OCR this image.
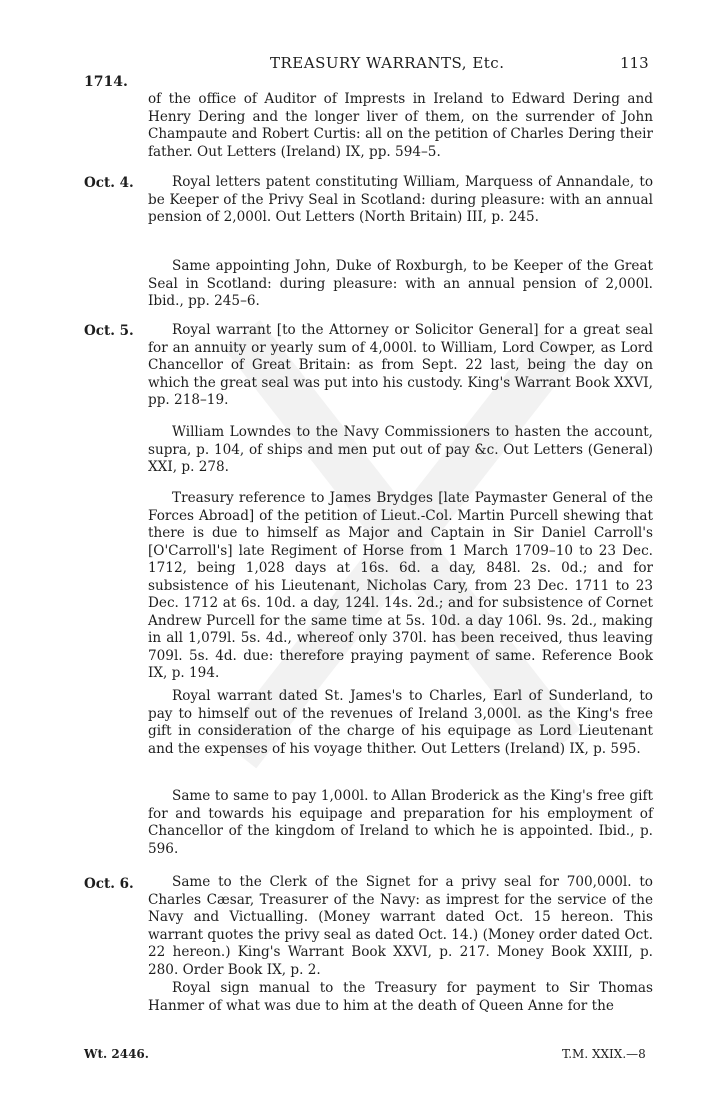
1714.
TREASURY WARRANTS, Etc.	113
of the office of Auditor of Imprests in Ireland to Edward Dering and Henry Dering and the longer liver of them, on the surrender of John Champaute and Robert Curtis: all on the petition of Charles Dering their father. Out Letters (Ireland) IX, pp. 594–5.
Oct. 4.	Royal letters patent constituting William, Marquess of Annandale, to be Keeper of the Privy Seal in Scotland: during pleasure: with an annual pension of 2,000l. Out Letters (North Britain) III, p. 245.
Same appointing John, Duke of Roxburgh, to be Keeper of the Great Seal in Scotland: during pleasure: with an annual pension of 2,000l. Ibid., pp. 245–6.
Oct. 5.	Royal warrant [to the Attorney or Solicitor General] for a great seal for an annuity or yearly sum of 4,000l. to William, Lord Cowper, as Lord Chancellor of Great Britain: as from Sept. 22 last, being the day on which the great seal was put into his custody. King's Warrant Book XXVI, pp. 218–19.
William Lowndes to the Navy Commissioners to hasten the account, supra, p. 104, of ships and men put out of pay &c. Out Letters (General) XXI, p. 278.
Treasury reference to James Brydges [late Paymaster General of the Forces Abroad] of the petition of Lieut.-Col. Martin Purcell shewing that there is due to himself as Major and Captain in Sir Daniel Carroll's [O'Carroll's] late Regiment of Horse from 1 March 1709–10 to 23 Dec. 1712, being 1,028 days at 16s. 6d. a day, 848l. 2s. 0d.; and for subsistence of his Lieutenant, Nicholas Cary, from 23 Dec. 1711 to 23 Dec. 1712 at 6s. 10d. a day, 124l. 14s. 2d.; and for subsistence of Cornet Andrew Purcell for the same time at 5s. 10d. a day 106l. 9s. 2d., making in all 1,079l. 5s. 4d., whereof only 370l. has been received, thus leaving 709l. 5s. 4d. due: therefore praying payment of same. Reference Book IX, p. 194.
Royal warrant dated St. James's to Charles, Earl of Sunderland, to pay to himself out of the revenues of Ireland 3,000l. as the King's free gift in consideration of the charge of his equipage as Lord Lieutenant and the expenses of his voyage thither. Out Letters (Ireland) IX, p. 595.
Same to same to pay 1,000l. to Allan Broderick as the King's free gift for and towards his equipage and preparation for his employment of Chancellor of the kingdom of Ireland to which he is appointed. Ibid., p. 596.
Oct. 6.	Same to the Clerk of the Signet for a privy seal for 700,000l. to Charles Cæsar, Treasurer of the Navy: as imprest for the service of the Navy and Victualling. (Money warrant dated Oct. 15 hereon. This warrant quotes the privy seal as dated Oct. 14.) (Money order dated Oct. 22 hereon.) King's Warrant Book XXVI, p. 217. Money Book XXIII, p. 280. Order Book IX, p. 2.
Royal sign manual to the Treasury for payment to Sir Thomas Hanmer of what was due to him at the death of Queen Anne for the
Wt. 2446.	T.M. XXIX.—8
